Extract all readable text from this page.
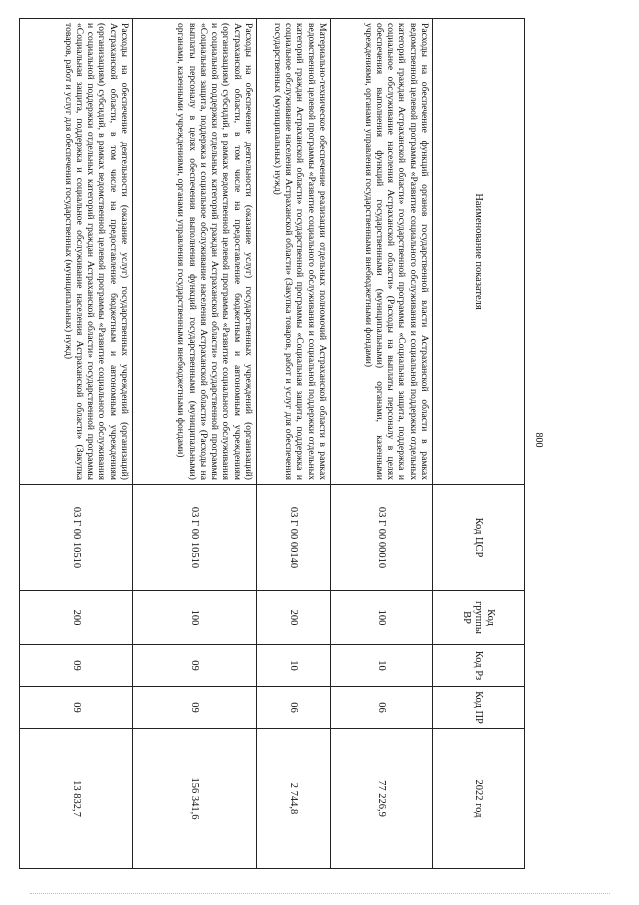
800
Наименование показателя	Код ЦСР	Код группы ВР	Код Рз	Код ПР	2022 год
Расходы на обеспечение функций органов государственной власти Астраханской области в рамках ведомственной целевой программы «Развитие социального обслуживания и социальной поддержки отдельных категорий граждан Астраханской области» государственной программы «Социальная защита, поддержка и социальное обслуживание населения Астраханской области» (Расходы на выплаты персоналу в целях обеспечения выполнения функций государственными (муниципальными) органами, казенными учреждениями, органами управления государственными внебюджетными фондами)	03 Г 00 00010	100	10	06	77 226,9
Материально-техническое обеспечение реализации отдельных полномочий Астраханской области в рамках ведомственной целевой программы «Развитие социального обслуживания и социальной поддержки отдельных категорий граждан Астраханской области» государственной программы «Социальная защита, поддержка и социальное обслуживание населения Астраханской области» (Закупка товаров, работ и услуг для обеспечения государственных (муниципальных) нужд)	03 Г 00 00140	200	10	06	2 744,8
Расходы на обеспечение деятельности (оказание услуг) государственных учреждений (организаций) Астраханской области, в том числе на предоставление бюджетным и автономным учреждениям (организациям) субсидий, в рамках ведомственной целевой программы «Развитие социального обслуживания и социальной поддержки отдельных категорий граждан Астраханской области» государственной программы «Социальная защита, поддержка и социальное обслуживание населения Астраханской области» (Расходы на выплаты персоналу в целях обеспечения выполнения функций государственными (муниципальными) органами, казенными учреждениями, органами управления государственными внебюджетными фондами)	03 Г 00 10510	100	09	09	156 341,6
Расходы на обеспечение деятельности (оказание услуг) государственных учреждений (организаций) Астраханской области, в том числе на предоставление бюджетным и автономным учреждениям (организациям) субсидий, в рамках ведомственной целевой программы «Развитие социального обслуживания и социальной поддержки отдельных категорий граждан Астраханской области» государственной программы «Социальная защита, поддержка и социальное обслуживание населения Астраханской области» (Закупка товаров, работ и услуг для обеспечения государственных (муниципальных) нужд)	03 Г 00 10510	200	09	09	13 832,7
